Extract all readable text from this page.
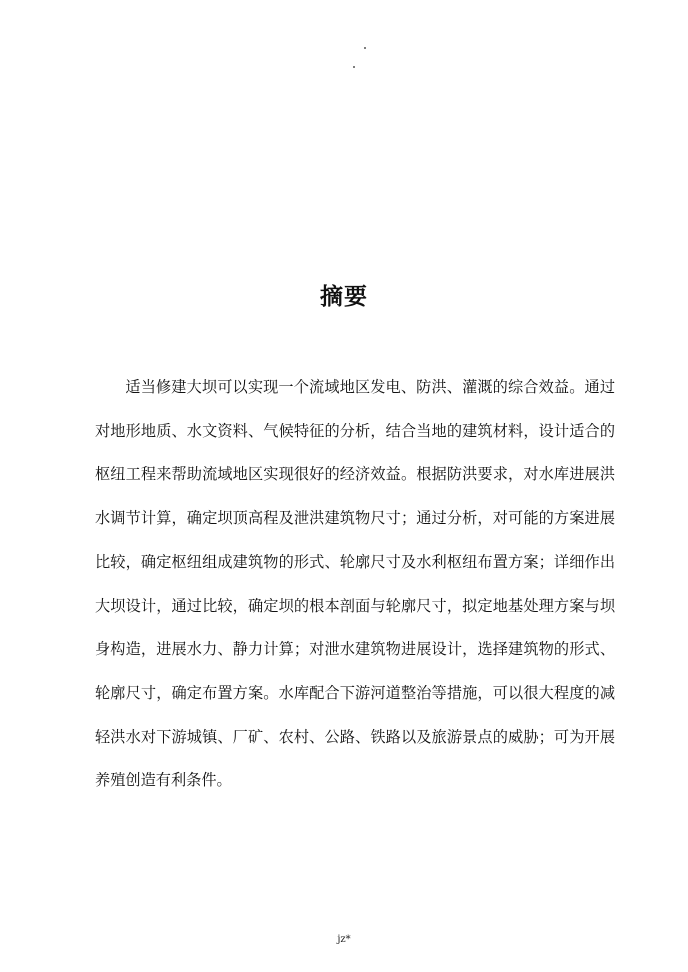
摘要
适当修建大坝可以实现一个流域地区发电、防洪、灌溉的综合效益。通过对地形地质、水文资料、气候特征的分析，结合当地的建筑材料，设计适合的枢纽工程来帮助流域地区实现很好的经济效益。根据防洪要求，对水库进展洪水调节计算，确定坝顶高程及泄洪建筑物尺寸；通过分析，对可能的方案进展比较，确定枢纽组成建筑物的形式、轮廓尺寸及水利枢纽布置方案；详细作出大坝设计，通过比较，确定坝的根本剖面与轮廓尺寸，拟定地基处理方案与坝身构造，进展水力、静力计算；对泄水建筑物进展设计，选择建筑物的形式、轮廓尺寸，确定布置方案。水库配合下游河道整治等措施，可以很大程度的减轻洪水对下游城镇、厂矿、农村、公路、铁路以及旅游景点的威胁；可为开展养殖创造有利条件。
jz*
